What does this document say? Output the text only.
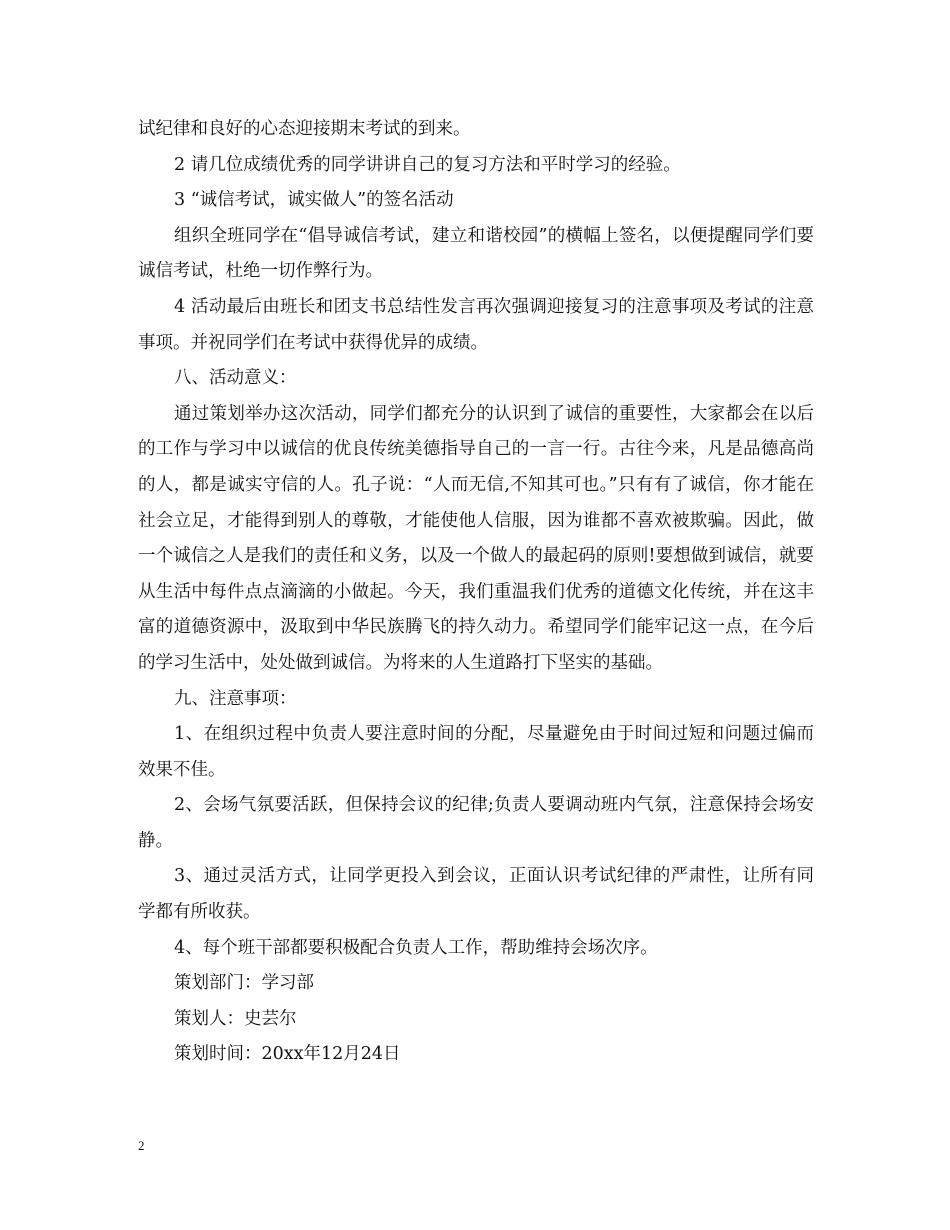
试纪律和良好的心态迎接期末考试的到来。

2 请几位成绩优秀的同学讲讲自己的复习方法和平时学习的经验。

3 “诚信考试，诚实做人”的签名活动

组织全班同学在“倡导诚信考试，建立和谐校园”的横幅上签名，以便提醒同学们要诚信考试，杜绝一切作弊行为。

4 活动最后由班长和团支书总结性发言再次强调迎接复习的注意事项及考试的注意事项。并祝同学们在考试中获得优异的成绩。

八、活动意义：

通过策划举办这次活动，同学们都充分的认识到了诚信的重要性，大家都会在以后的工作与学习中以诚信的优良传统美德指导自己的一言一行。古往今来，凡是品德高尚的人，都是诚实守信的人。孔子说：“人而无信,不知其可也。”只有有了诚信，你才能在社会立足，才能得到别人的尊敬，才能使他人信服，因为谁都不喜欢被欺骗。因此，做一个诚信之人是我们的责任和义务，以及一个做人的最起码的原则!要想做到诚信，就要从生活中每件点点滴滴的小做起。今天，我们重温我们优秀的道德文化传统，并在这丰富的道德资源中，汲取到中华民族腾飞的持久动力。希望同学们能牢记这一点，在今后的学习生活中，处处做到诚信。为将来的人生道路打下坚实的基础。

九、注意事项：

1、在组织过程中负责人要注意时间的分配，尽量避免由于时间过短和问题过偏而效果不佳。

2、会场气氛要活跃，但保持会议的纪律;负责人要调动班内气氛，注意保持会场安静。

3、通过灵活方式，让同学更投入到会议，正面认识考试纪律的严肃性，让所有同学都有所收获。

4、每个班干部都要积极配合负责人工作，帮助维持会场次序。

策划部门：学习部

策划人：史芸尔

策划时间：20xx年12月24日

2
